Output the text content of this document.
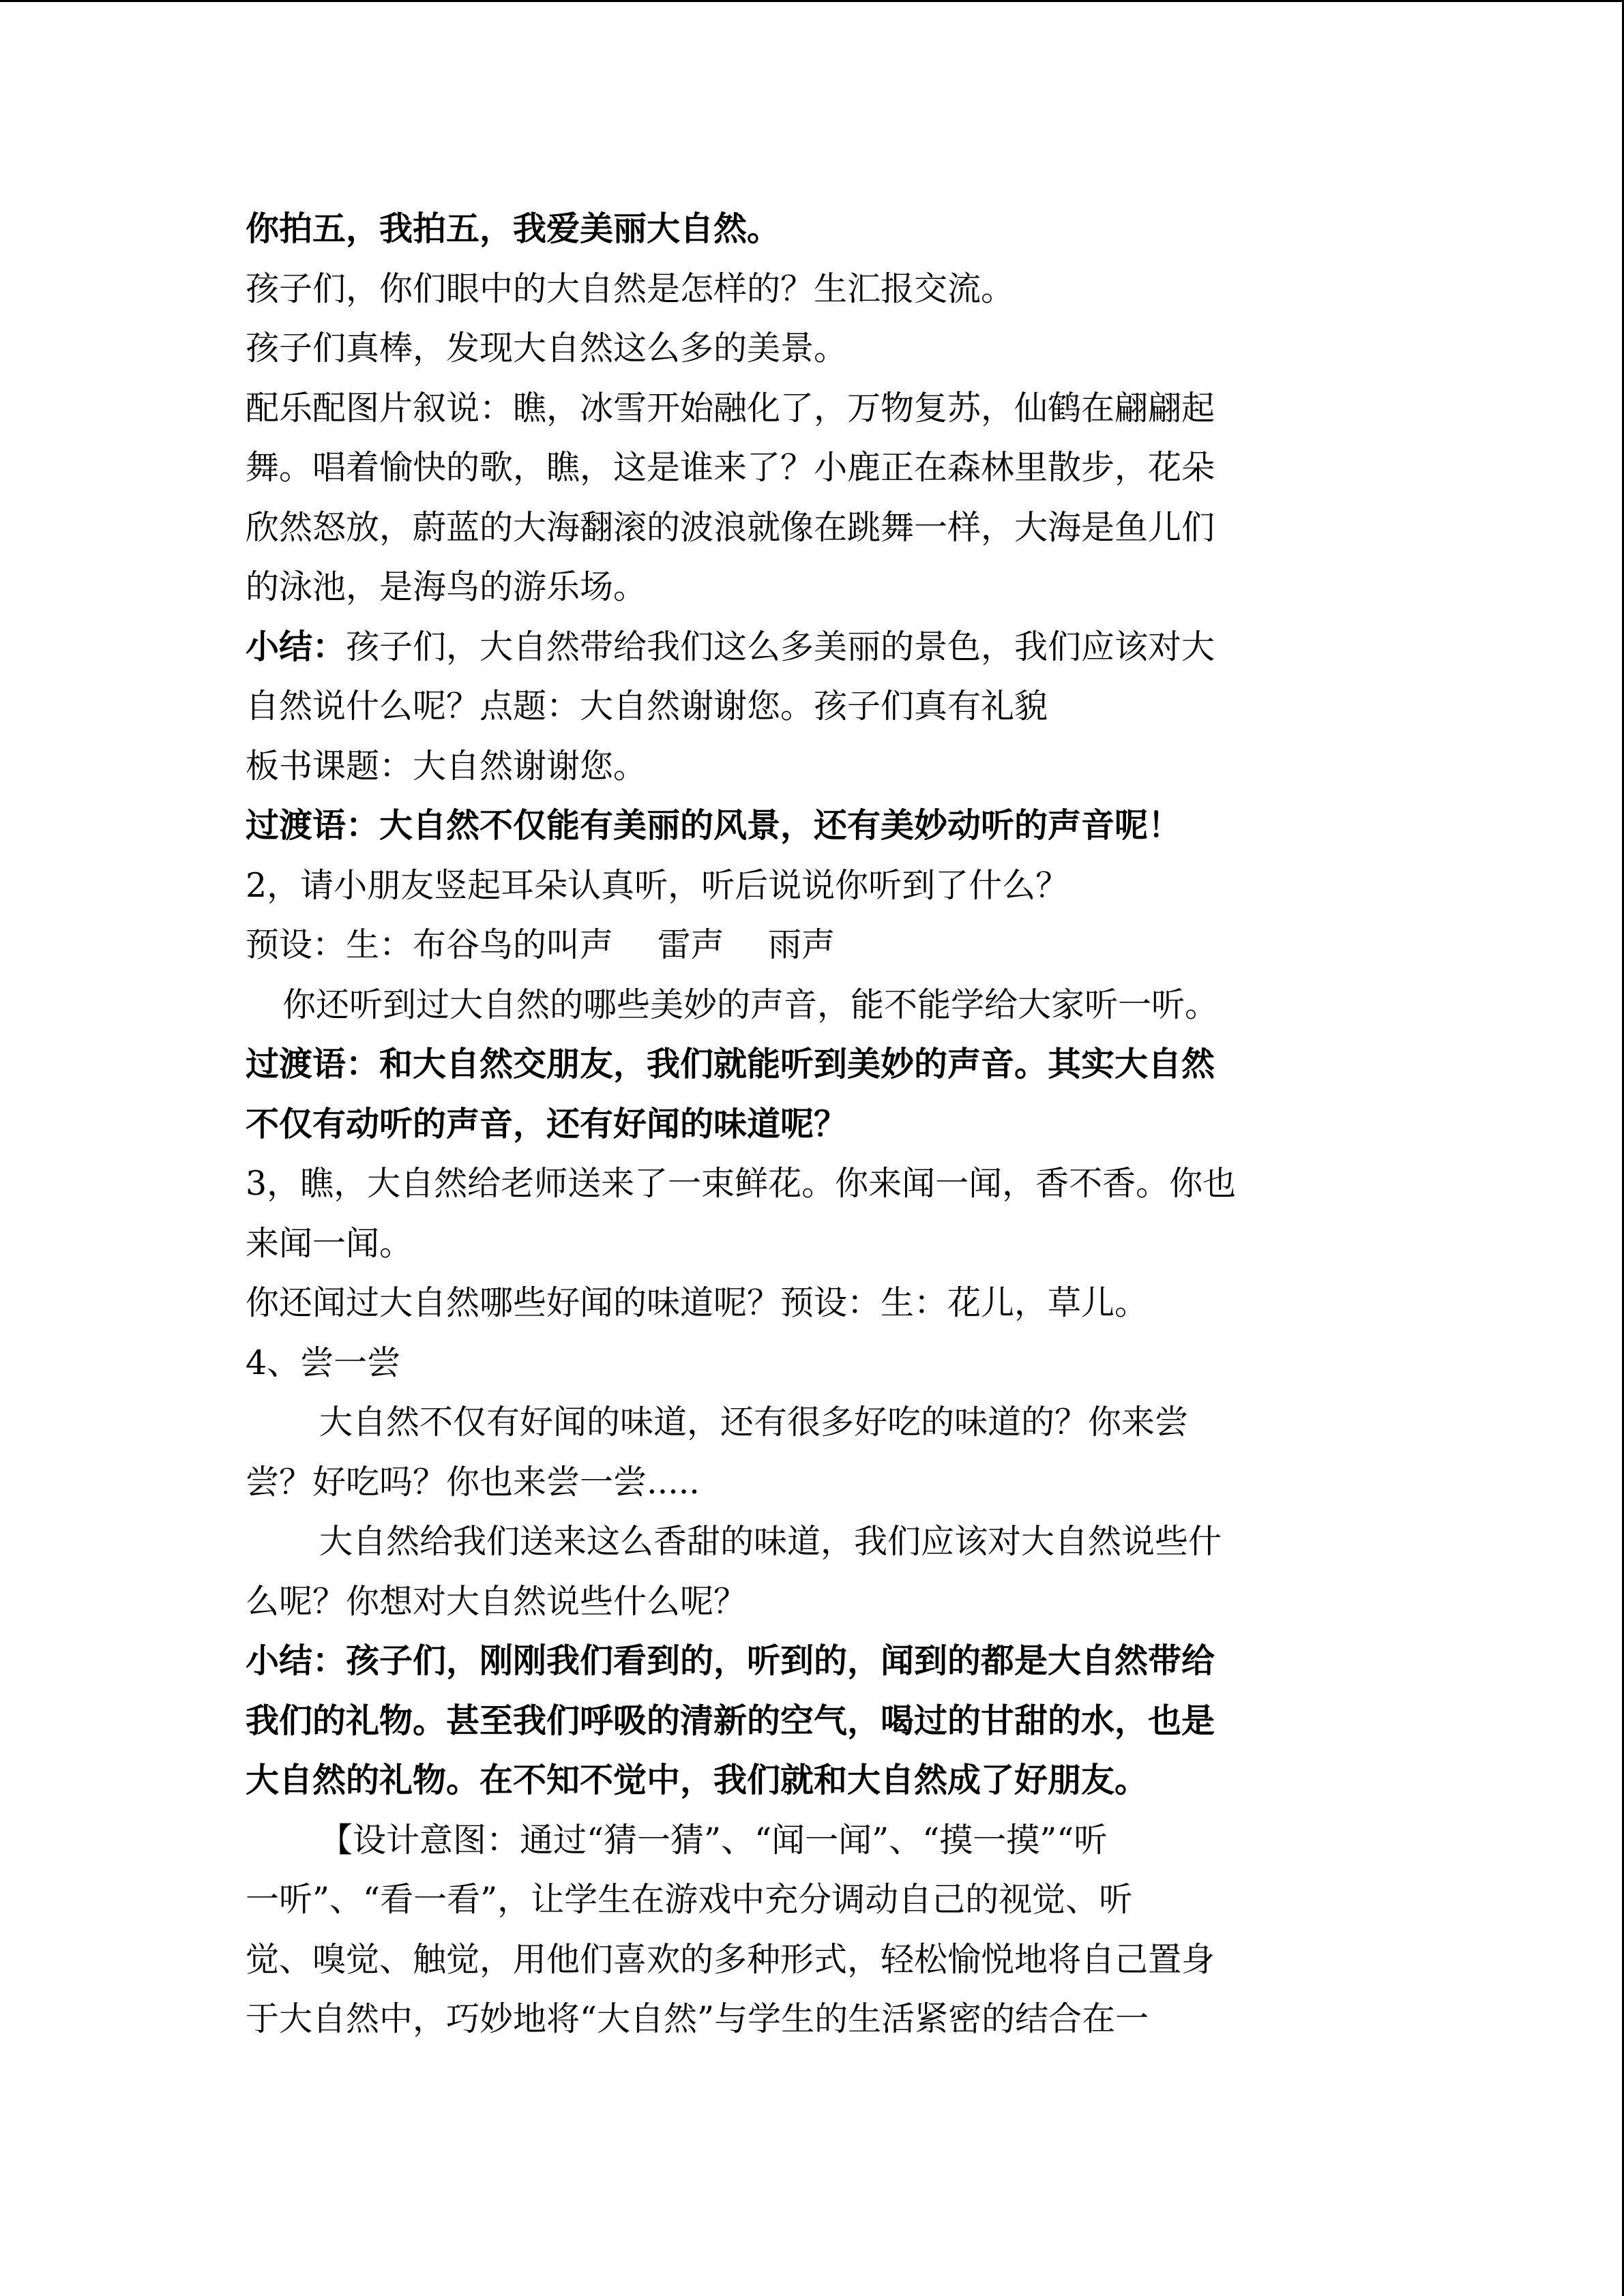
你拍五，我拍五，我爱美丽大自然。
孩子们，你们眼中的大自然是怎样的？生汇报交流。
孩子们真棒，发现大自然这么多的美景。
配乐配图片叙说：瞧，冰雪开始融化了，万物复苏，仙鹤在翩翩起
舞。唱着愉快的歌，瞧，这是谁来了？小鹿正在森林里散步，花朵
欣然怒放，蔚蓝的大海翻滚的波浪就像在跳舞一样，大海是鱼儿们
的泳池，是海鸟的游乐场。
小结：孩子们，大自然带给我们这么多美丽的景色，我们应该对大
自然说什么呢？点题：大自然谢谢您。孩子们真有礼貌
板书课题：大自然谢谢您。
过渡语：大自然不仅能有美丽的风景，还有美妙动听的声音呢！
2，请小朋友竖起耳朵认真听，听后说说你听到了什么？
预设：生：布谷鸟的叫声　 雷声　 雨声
你还听到过大自然的哪些美妙的声音，能不能学给大家听一听。
过渡语：和大自然交朋友，我们就能听到美妙的声音。其实大自然
不仅有动听的声音，还有好闻的味道呢？
3，瞧，大自然给老师送来了一束鲜花。你来闻一闻，香不香。你也
来闻一闻。
你还闻过大自然哪些好闻的味道呢？预设：生：花儿，草儿。
4、尝一尝
大自然不仅有好闻的味道，还有很多好吃的味道的？你来尝
尝？好吃吗？你也来尝一尝.....
大自然给我们送来这么香甜的味道，我们应该对大自然说些什
么呢？你想对大自然说些什么呢？
小结：孩子们，刚刚我们看到的，听到的，闻到的都是大自然带给
我们的礼物。甚至我们呼吸的清新的空气，喝过的甘甜的水，也是
大自然的礼物。在不知不觉中，我们就和大自然成了好朋友。
【设计意图：通过“猜一猜”、“闻一闻”、“摸一摸”“听
一听”、“看一看”，让学生在游戏中充分调动自己的视觉、听
觉、嗅觉、触觉，用他们喜欢的多种形式，轻松愉悦地将自己置身
于大自然中，巧妙地将“大自然”与学生的生活紧密的结合在一
